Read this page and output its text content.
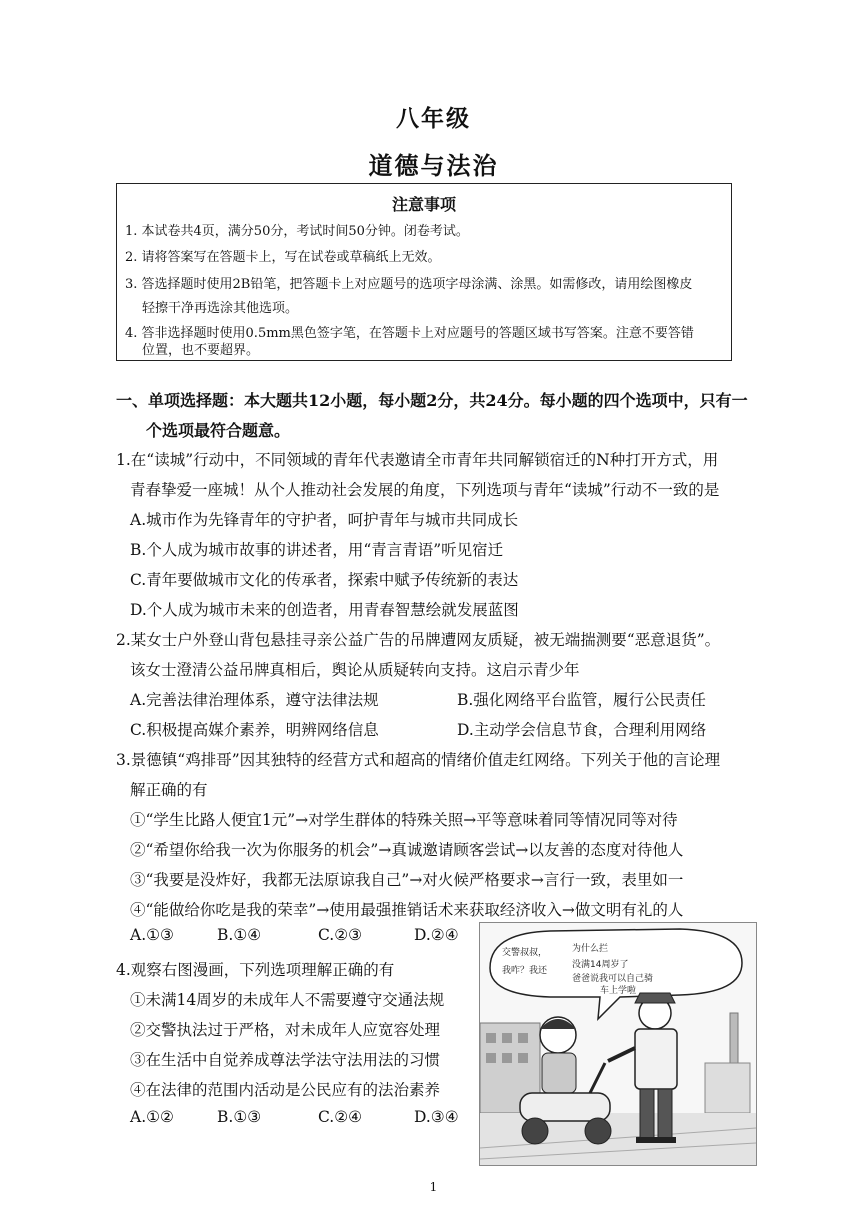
八年级
道德与法治
注意事项
1. 本试卷共4页，满分50分，考试时间50分钟。闭卷考试。
2. 请将答案写在答题卡上，写在试卷或草稿纸上无效。
3. 答选择题时使用2B铅笔，把答题卡上对应题号的选项字母涂满、涂黑。如需修改，请用绘图橡皮
轻擦干净再选涂其他选项。
4. 答非选择题时使用0.5mm黑色签字笔，在答题卡上对应题号的答题区域书写答案。注意不要答错
位置，也不要超界。
一、单项选择题：本大题共12小题，每小题2分，共24分。每小题的四个选项中，只有一
个选项最符合题意。
1.在“读城”行动中，不同领域的青年代表邀请全市青年共同解锁宿迁的N种打开方式，用
青春挚爱一座城！从个人推动社会发展的角度，下列选项与青年“读城”行动不一致的是
A.城市作为先锋青年的守护者，呵护青年与城市共同成长
B.个人成为城市故事的讲述者，用“青言青语”听见宿迁
C.青年要做城市文化的传承者，探索中赋予传统新的表达
D.个人成为城市未来的创造者，用青春智慧绘就发展蓝图
2.某女士户外登山背包悬挂寻亲公益广告的吊牌遭网友质疑，被无端揣测要“恶意退货”。
该女士澄清公益吊牌真相后，舆论从质疑转向支持。这启示青少年
A.完善法律治理体系，遵守法律法规	B.强化网络平台监管，履行公民责任
C.积极提高媒介素养，明辨网络信息	D.主动学会信息节食，合理利用网络
3.景德镇“鸡排哥”因其独特的经营方式和超高的情绪价值走红网络。下列关于他的言论理
解正确的有
①“学生比路人便宜1元”→对学生群体的特殊关照→平等意味着同等情况同等对待
②“希望你给我一次为你服务的机会”→真诚邀请顾客尝试→以友善的态度对待他人
③“我要是没炸好，我都无法原谅我自己”→对火候严格要求→言行一致，表里如一
④“能做给你吃是我的荣幸”→使用最强推销话术来获取经济收入→做文明有礼的人
A.①③	B.①④	C.②③	D.②④
4.观察右图漫画，下列选项理解正确的有
①未满14周岁的未成年人不需要遵守交通法规
②交警执法过于严格，对未成年人应宽容处理
③在生活中自觉养成尊法学法守法用法的习惯
④在法律的范围内活动是公民应有的法治素养
A.①②	B.①③	C.②④	D.③④
交警叔叔，
我咋？我还
为什么拦
没满14周岁了
爸爸说我可以自己骑
车上学啦
1
